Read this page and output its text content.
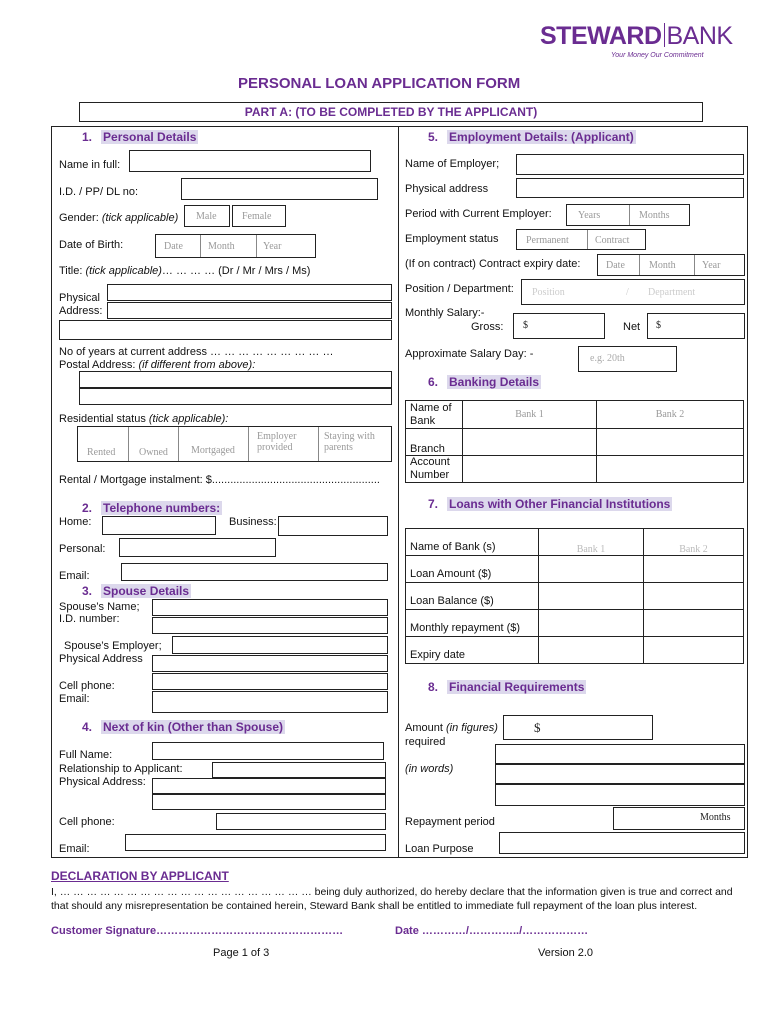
STEWARD BANK
Your Money Our Commitment
PERSONAL LOAN APPLICATION FORM
PART A: (TO BE COMPLETED BY THE APPLICANT)
1. Personal Details
Name in full:
I.D. / PP/ DL no:
Gender: (tick applicable) Male	Female
Date of Birth:	Date	Month	Year
Title: (tick applicable)… … … … (Dr / Mr / Mrs / Ms)
Physical
Address:
No of years at current address … … … … … … … … …
Postal Address: (if different from above):
Residential status (tick applicable):
Rented Owned Mortgaged
Employer provided
Staying with parents
Rental / Mortgage instalment: $.......................................................
2. Telephone numbers:
Home:	Business:
Personal:
Email:
3. Spouse Details
Spouse’s Name;
I.D. number:
Spouse’s Employer;
Physical Address
Cell phone:
Email:
4. Next of kin (Other than Spouse)
Full Name:
Relationship to Applicant:
Physical Address:
Cell phone:
Email:
5. Employment Details: (Applicant)
Name of Employer;
Physical address
Period with Current Employer:	Years	Months
Employment status	Permanent	Contract
(If on contract) Contract expiry date:	Date Month	Year
Position / Department: Position	/ Department
Monthly Salary:-
Gross: $	Net $
Approximate Salary Day: -	e.g. 20th
6. Banking Details
Name of Bank	Bank 1	Bank 2
Branch		
Account Number		
7. Loans with Other Financial Institutions
Name of Bank (s)	Bank 1	Bank 2
Loan Amount ($)		
Loan Balance ($)		
Monthly repayment ($)		
Expiry date		
8. Financial Requirements
Amount (in figures)
required
$
(in words)
Repayment period	Months
Loan Purpose
DECLARATION BY APPLICANT
I, … … … … … … … … … … … … … … … … … … … being duly authorized, do hereby declare that the information given is true and correct and
that should any misrepresentation be contained herein, Steward Bank shall be entitled to immediate full repayment of the loan plus interest.
Customer Signature……………………………………………	Date …………/…………../………………
Page 1 of 3	Version 2.0
